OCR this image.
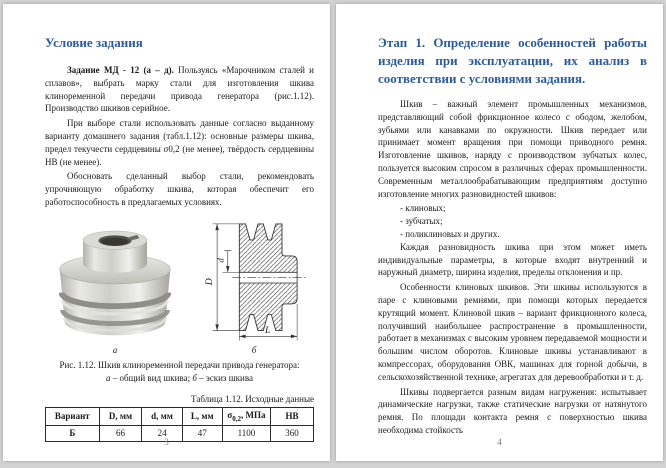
Условие задания

Задание МД - 12 (а – д). Пользуясь «Марочником сталей и сплавов», выбрать марку стали для изготовления шкива клиноременной передачи привода генератора (рис.1.12). Производство шкивов серийное.

При выборе стали использовать данные согласно выданному варианту домашнего задания (табл.1.12): основные размеры шкива, предел текучести сердцевины σ0,2 (не менее), твёрдость сердцевины НВ (не менее).

Обосновать сделанный выбор стали, рекомендовать упрочняющую обработку шкива, которая обеспечит его работоспособность в предлагаемых условиях.

а
D
d
L
б
Рис. 1.12. Шкив клиноременной передачи привода генератора:
а – общий вид шкива; б – эскиз шкива
Таблица 1.12. Исходные данные
Вариант	D, мм	d, мм	L, мм	$\sigma_{0,2}$, МПа	НВ
Б	66	24	47	1100	360
3
Этап 1. Определение особенностей работы изделия при эксплуатации, их анализ в соответствии с условиями задания.

Шкив – важный элемент промышленных механизмов, представляющий собой фрикционное колесо с ободом, желобом, зубьями или канавками по окружности. Шкив передает или принимает момент вращения при помощи приводного ремня. Изготовление шкивов, наряду с производством зубчатых колес, пользуется высоким спросом в различных сферах промышленности. Современным металлообрабатывающим предприятиям доступно изготовление многих разновидностей шкивов:

- клиновых;
- зубчатых;
- поликлиновых и других.

Каждая разновидность шкива при этом может иметь индивидуальные параметры, в которые входят внутренний и наружный диаметр, ширина изделия, пределы отклонения и пр.

Особенности клиновых шкивов. Эти шкивы используются в паре с клиновыми ремнями, при помощи которых передается крутящий момент. Клиновой шкив – вариант фрикционного колеса, получивший наибольшее распространение в промышленности, работает в механизмах с высоким уровнем передаваемой мощности и большим числом оборотов. Клиновые шкивы устанавливают в компрессорах, оборудования ОВК, машинах для горной добычи, в сельскохозяйственной технике, агрегатах для деревообработки и т. д.

Шкивы подвергается разным видам нагружения: испытывает динамические нагрузки, также статические нагрузки от натянутого ремня. По площади контакта ремня с поверхностью шкива необходима стойкость

4
